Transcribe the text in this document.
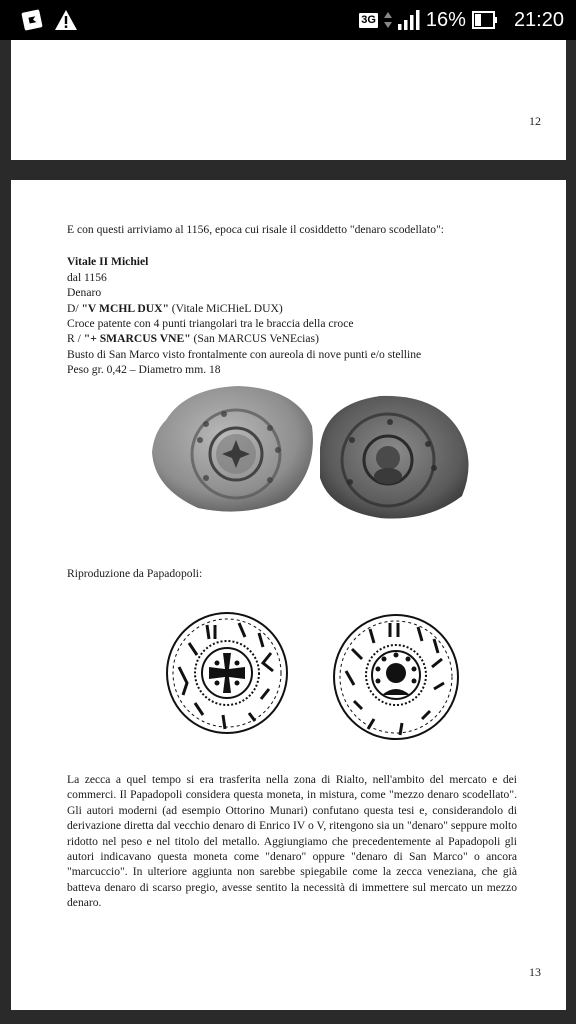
3G	16% 21:20
12

E con questi arriviamo al 1156, epoca cui risale il cosiddetto "denaro scodellato":

Vitale II Michiel

dal 1156

Denaro

D/ "V MCHL DUX" (Vitale MiCHieL DUX)

Croce patente con 4 punti triangolari tra le braccia della croce

R / "+ SMARCUS VNE" (San MARCUS VeNEcias)

Busto di San Marco visto frontalmente con aureola di nove punti e/o stelline

Peso gr. 0,42 – Diametro mm. 18

Riproduzione da Papadopoli:

La zecca a quel tempo si era trasferita nella zona di Rialto, nell'ambito del mercato e dei commerci. Il Papadopoli considera questa moneta, in mistura, come "mezzo denaro scodellato". Gli autori moderni (ad esempio Ottorino Munari) confutano questa tesi e, considerandolo di derivazione diretta dal vecchio denaro di Enrico IV o V, ritengono sia un "denaro" seppure molto ridotto nel peso e nel titolo del metallo. Aggiungiamo che precedentemente al Papadopoli gli autori indicavano questa moneta come "denaro" oppure "denaro di San Marco" o ancora "marcuccio". In ulteriore aggiunta non sarebbe spiegabile come la zecca veneziana, che già batteva denaro di scarso pregio, avesse sentito la necessità di immettere sul mercato un mezzo denaro.

13
